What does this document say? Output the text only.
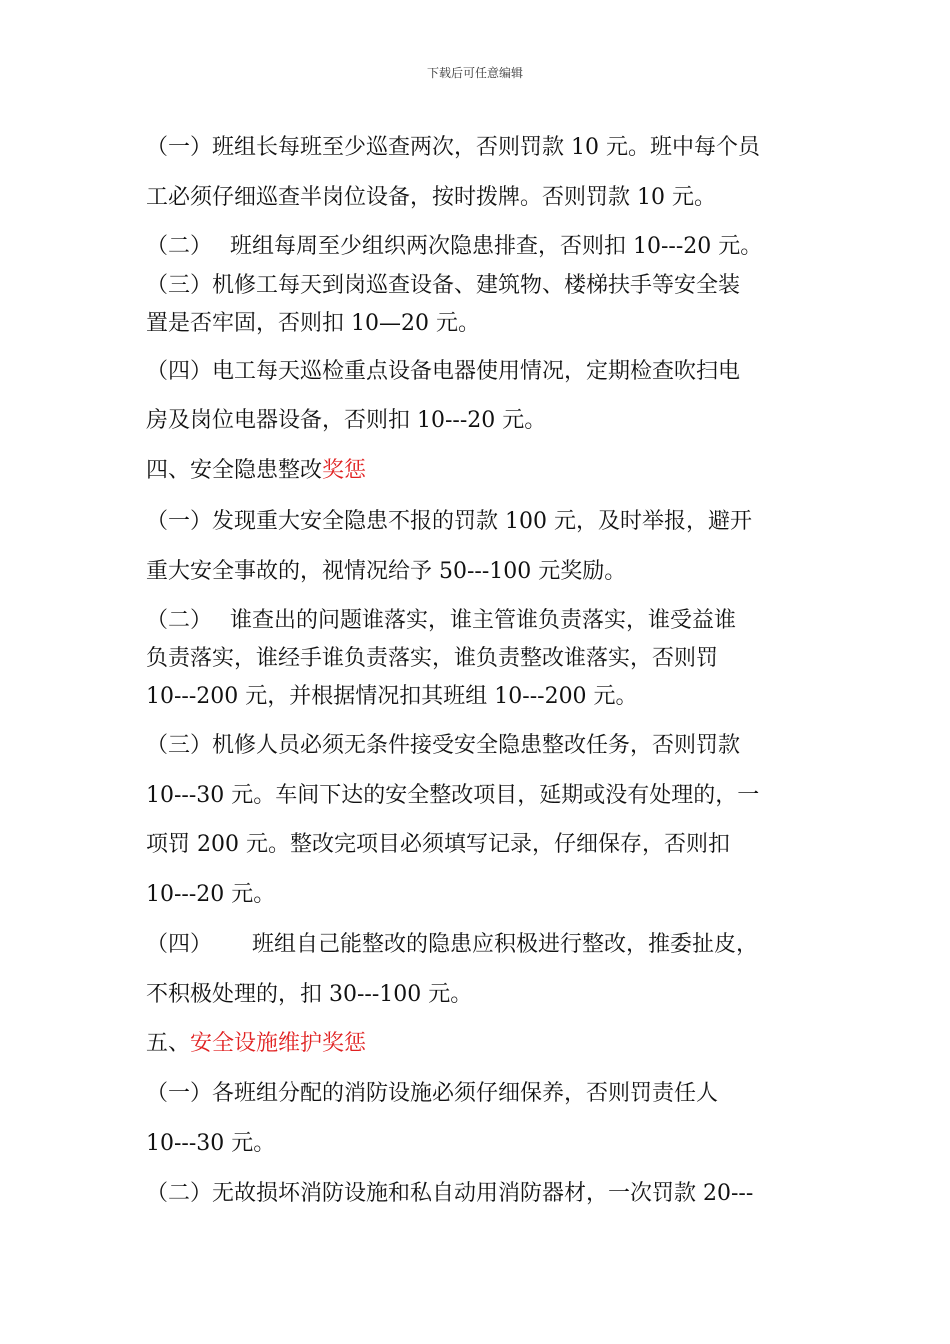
下载后可任意编辑
（一）班组长每班至少巡查两次，否则罚款 10 元。班中每个员
工必须仔细巡查半岗位设备，按时拨牌。否则罚款 10 元。
（二）　 班组每周至少组织两次隐患排查，否则扣 10---20 元。
（三）机修工每天到岗巡查设备、建筑物、楼梯扶手等安全装
置是否牢固，否则扣 10—20 元。
（四）电工每天巡检重点设备电器使用情况，定期检查吹扫电
房及岗位电器设备，否则扣 10---20 元。
四、安全隐患整改奖惩
（一）发现重大安全隐患不报的罚款 100 元，及时举报，避开
重大安全事故的，视情况给予 50---100 元奖励。
（二）　 谁查出的问题谁落实，谁主管谁负责落实，谁受益谁
负责落实，谁经手谁负责落实，谁负责整改谁落实，否则罚
10---200 元，并根据情况扣其班组 10---200 元。
（三）机修人员必须无条件接受安全隐患整改任务，否则罚款
10---30 元。车间下达的安全整改项目，延期或没有处理的，一
项罚 200 元。整改完项目必须填写记录，仔细保存，否则扣
10---20 元。
（四）　　 班组自己能整改的隐患应积极进行整改，推委扯皮，
不积极处理的，扣 30---100 元。
五、安全设施维护奖惩
（一）各班组分配的消防设施必须仔细保养，否则罚责任人
10---30 元。
（二）无故损坏消防设施和私自动用消防器材，一次罚款 20---
